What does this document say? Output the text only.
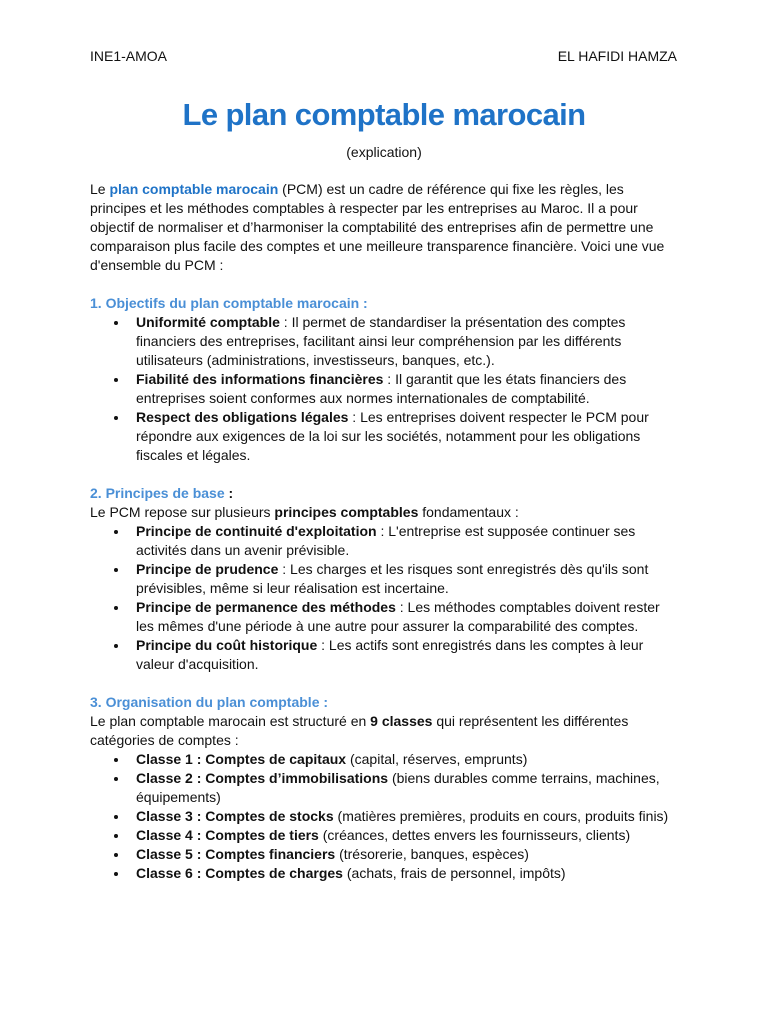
INE1-AMOA	EL HAFIDI HAMZA
Le plan comptable marocain
(explication)

Le plan comptable marocain (PCM) est un cadre de référence qui fixe les règles, les principes et les méthodes comptables à respecter par les entreprises au Maroc. Il a pour objectif de normaliser et d’harmoniser la comptabilité des entreprises afin de permettre une comparaison plus facile des comptes et une meilleure transparence financière. Voici une vue d'ensemble du PCM :

1. Objectifs du plan comptable marocain :

Uniformité comptable : Il permet de standardiser la présentation des comptes financiers des entreprises, facilitant ainsi leur compréhension par les différents utilisateurs (administrations, investisseurs, banques, etc.).
Fiabilité des informations financières : Il garantit que les états financiers des entreprises soient conformes aux normes internationales de comptabilité.
Respect des obligations légales : Les entreprises doivent respecter le PCM pour répondre aux exigences de la loi sur les sociétés, notamment pour les obligations fiscales et légales.

2. Principes de base :

Le PCM repose sur plusieurs principes comptables fondamentaux :

Principe de continuité d'exploitation : L'entreprise est supposée continuer ses activités dans un avenir prévisible.
Principe de prudence : Les charges et les risques sont enregistrés dès qu'ils sont prévisibles, même si leur réalisation est incertaine.
Principe de permanence des méthodes : Les méthodes comptables doivent rester les mêmes d'une période à une autre pour assurer la comparabilité des comptes.
Principe du coût historique : Les actifs sont enregistrés dans les comptes à leur valeur d'acquisition.

3. Organisation du plan comptable :

Le plan comptable marocain est structuré en 9 classes qui représentent les différentes catégories de comptes :

Classe 1 : Comptes de capitaux (capital, réserves, emprunts)
Classe 2 : Comptes d’immobilisations (biens durables comme terrains, machines, équipements)
Classe 3 : Comptes de stocks (matières premières, produits en cours, produits finis)
Classe 4 : Comptes de tiers (créances, dettes envers les fournisseurs, clients)
Classe 5 : Comptes financiers (trésorerie, banques, espèces)
Classe 6 : Comptes de charges (achats, frais de personnel, impôts)
